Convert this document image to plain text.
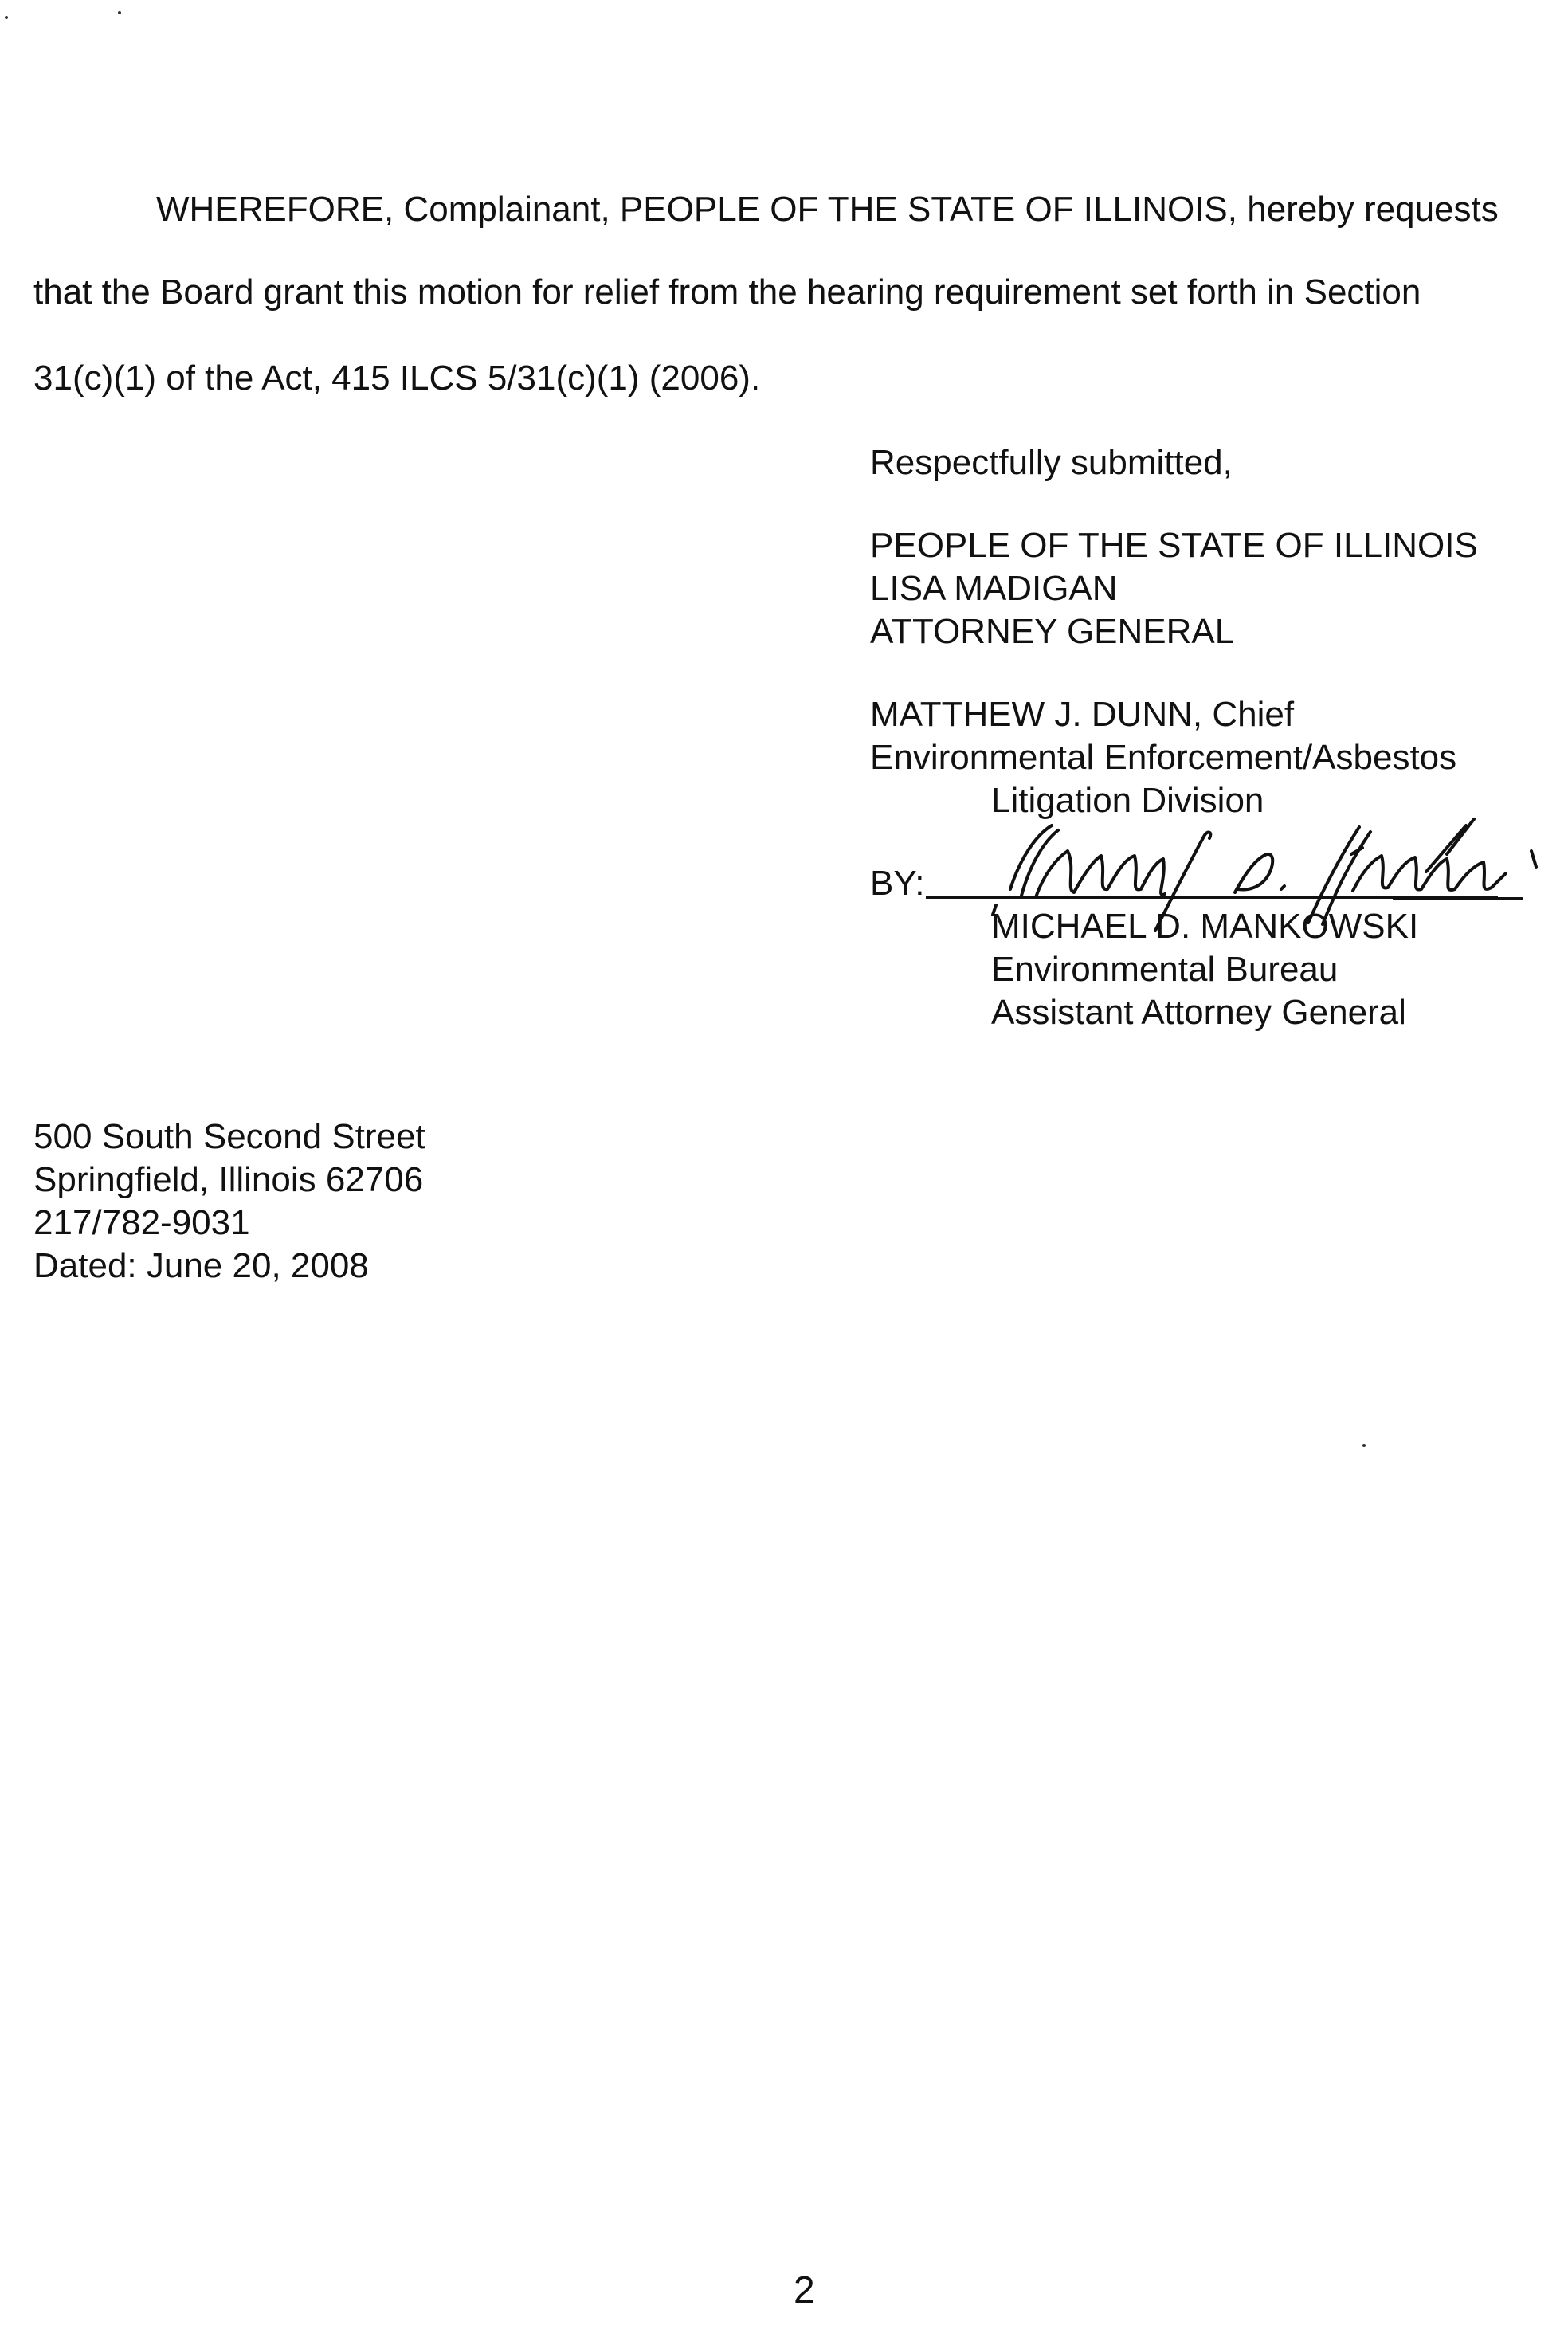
WHEREFORE, Complainant, PEOPLE OF THE STATE OF ILLINOIS, hereby requests

that the Board grant this motion for relief from the hearing requirement set forth in Section

31(c)(1) of the Act, 415 ILCS 5/31(c)(1) (2006).

Respectfully submitted,

PEOPLE OF THE STATE OF ILLINOIS

LISA MADIGAN

ATTORNEY GENERAL

MATTHEW J. DUNN, Chief

Environmental Enforcement/Asbestos

Litigation Division

BY:

MICHAEL D. MANKOWSKI

Environmental Bureau

Assistant Attorney General

500 South Second Street

Springfield, Illinois 62706

217/782-9031

Dated: June 20, 2008

2
